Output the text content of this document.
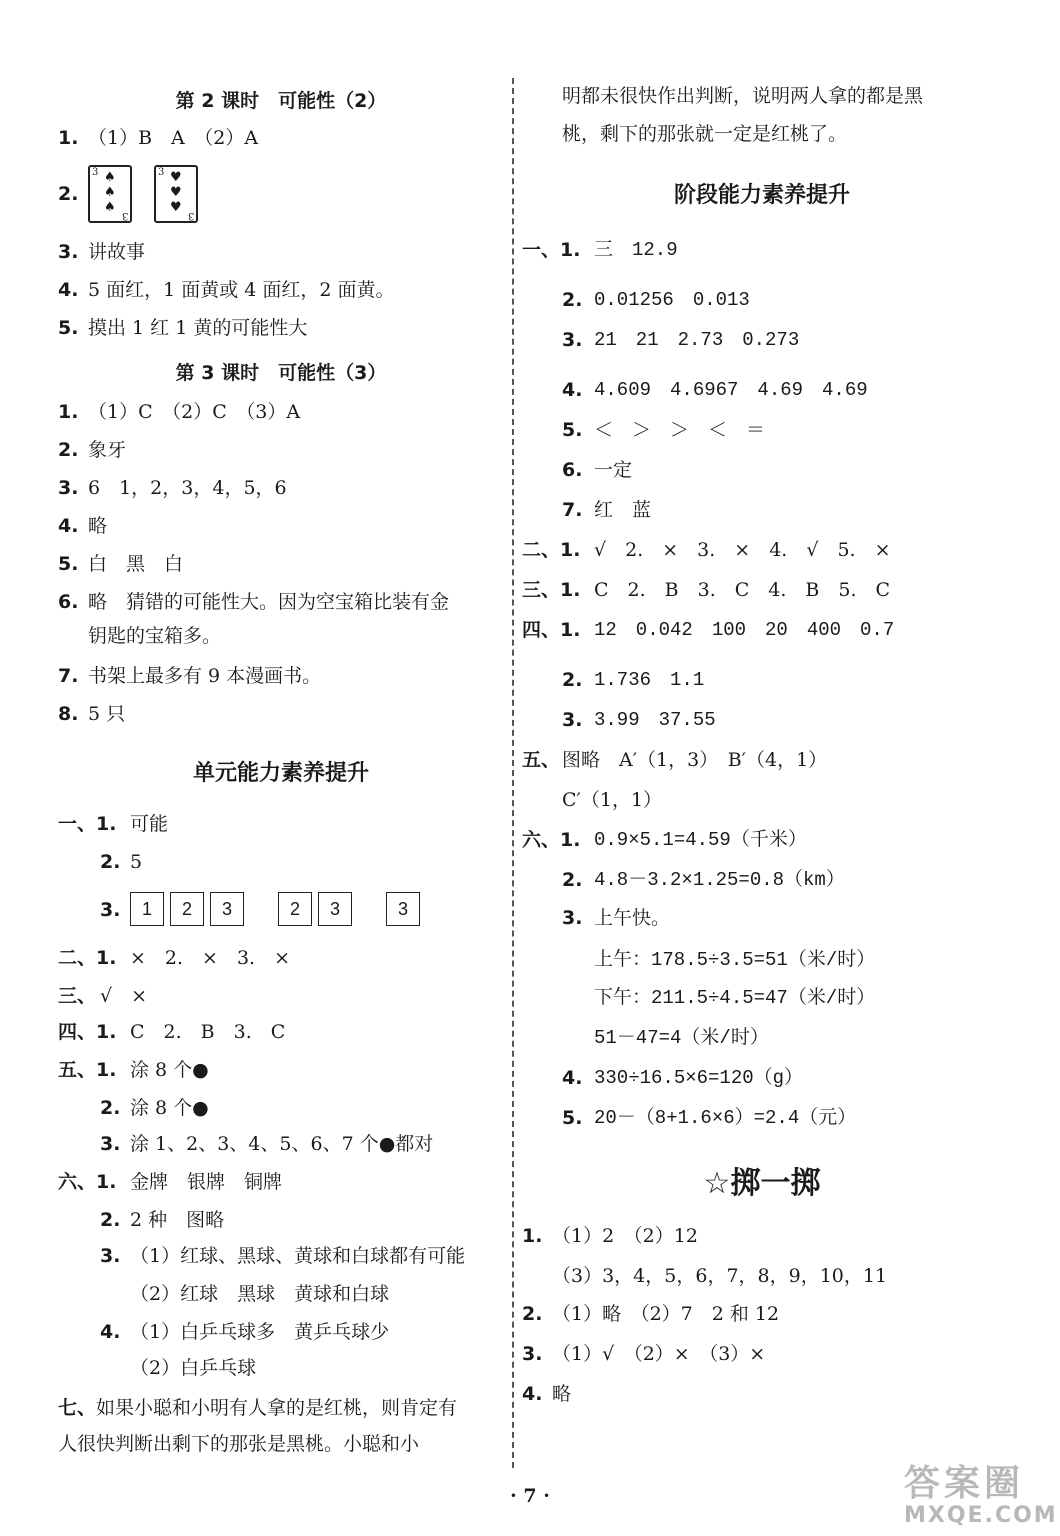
第 2 课时　可能性（2）
1. （1）B　A　（2）A
2.
3. 讲故事
4. 5 面红，1 面黄或 4 面红，2 面黄。
5. 摸出 1 红 1 黄的可能性大
3 ♠
♠
♠
3
3 ♥
♥
♥
3
第 3 课时　可能性（3）
1. （1）C　（2）C　（3）A
2. 象牙
3. 6　1，2，3，4，5，6
4. 略
5. 白　黑　白
6. 略　猜错的可能性大。因为空宝箱比装有金
钥匙的宝箱多。
7. 书架上最多有 9 本漫画书。
8. 5 只
单元能力素养提升
一、1. 可能
2. 5
3.
二、1. ×　2.　×　3.　×
三、 √　×
四、1. C　2.　B　3.　C
五、1. 涂 8 个●
2. 涂 8 个●
3. 涂 1、2、3、4、5、6、7 个●都对
六、1. 金牌　银牌　铜牌
2. 2 种　图略
3. （1）红球、黑球、黄球和白球都有可能
（2）红球　黑球　黄球和白球
4. （1）白乒乓球多　黄乒乓球少
（2）白乒乓球
七、 如果小聪和小明有人拿的是红桃，则肯定有
人很快判断出剩下的那张是黑桃。小聪和小
1 2 3	2 3	3
明都未很快作出判断，说明两人拿的都是黑
桃，剩下的那张就一定是红桃了。
阶段能力素养提升
一、1. 三　12.9
2. 0.01256　0.013
3. 21　21　2.73　0.273
4. 4.609　4.6967　4.69　4.69
5. ＜　＞　＞　＜　＝
6. 一定
7. 红　蓝
二、1. √　2.　×　3.　×　4.　√　5.　×
三、1. C　2.　B　3.　C　4.　B　5.　C
四、1. 12　0.042　100　20　400　0.7
2. 1.736　1.1
3. 3.99　37.55
五、 图略　A′（1，3）　B′（4，1）
C′（1，1）
六、1. 0.9×5.1=4.59（千米）
2. 4.8－3.2×1.25=0.8（km）
3. 上午快。
上午：178.5÷3.5=51（米/时）
下午：211.5÷4.5=47（米/时）
51－47=4（米/时）
4. 330÷16.5×6=120（g）
5. 20－（8+1.6×6）=2.4（元）
☆掷一掷
1. （1）2　（2）12
（3）3，4，5，6，7，8，9，10，11
2. （1）略　（2）7　2 和 12
3. （1）√　（2）×　（3）×
4. 略
· 7 ·	答案圈
MXQE.COM
